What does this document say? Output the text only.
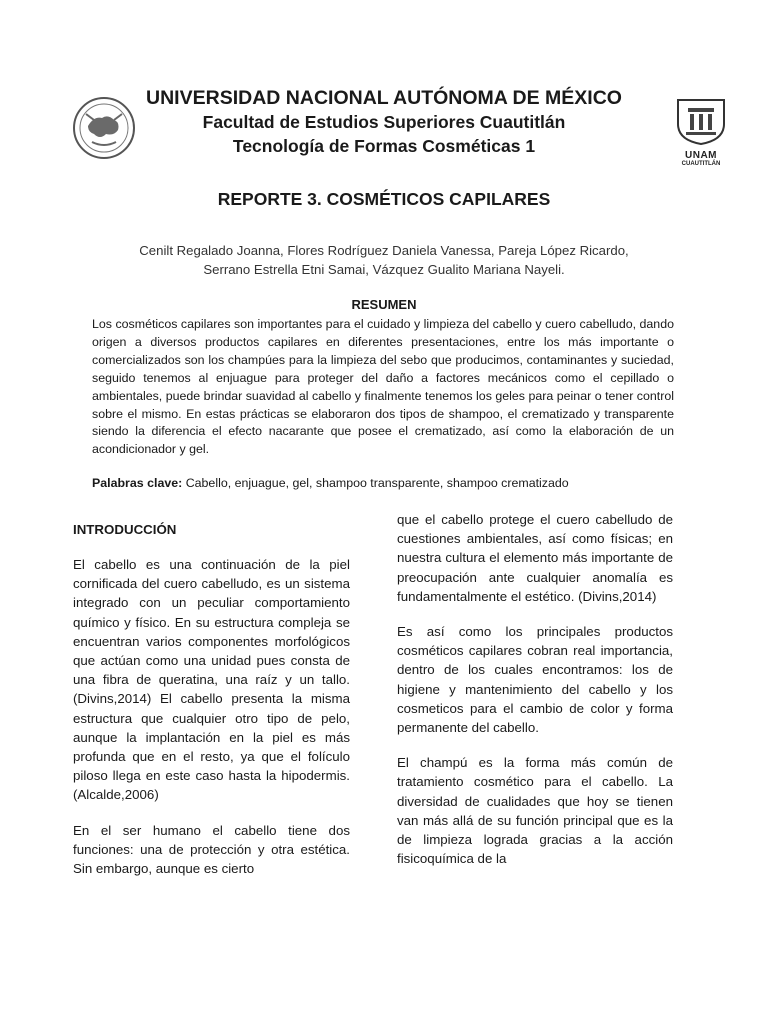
UNAM
CUAUTITLÁN

UNIVERSIDAD NACIONAL AUTÓNOMA DE MÉXICO

Facultad de Estudios Superiores Cuautitlán

Tecnología de Formas Cosméticas 1

REPORTE 3. COSMÉTICOS CAPILARES

Cenilt Regalado Joanna, Flores Rodríguez Daniela Vanessa, Pareja López Ricardo,
Serrano Estrella Etni Samai, Vázquez Gualito Mariana Nayeli.

RESUMEN

Los cosméticos capilares son importantes para el cuidado y limpieza del cabello y cuero cabelludo, dando origen a diversos productos capilares en diferentes presentaciones, entre los más importante o comercializados son los champúes para la limpieza del sebo que producimos, contaminantes y suciedad, seguido tenemos al enjuague para proteger del daño a factores mecánicos como el cepillado o ambientales, puede brindar suavidad al cabello y finalmente tenemos los geles para peinar o tener control sobre el mismo. En estas prácticas se elaboraron dos tipos de shampoo, el crematizado y transparente siendo la diferencia el efecto nacarante que posee el crematizado, así como la elaboración de un acondicionador y gel.

Palabras clave: Cabello, enjuague, gel, shampoo transparente, shampoo crematizado

INTRODUCCIÓN

El cabello es una continuación de la piel cornificada del cuero cabelludo, es un sistema integrado con un peculiar comportamiento químico y físico. En su estructura compleja se encuentran varios componentes morfológicos que actúan como una unidad pues consta de una fibra de queratina, una raíz y un tallo. (Divins,2014) El cabello presenta la misma estructura que cualquier otro tipo de pelo, aunque la implantación en la piel es más profunda que en el resto, ya que el folículo piloso llega en este caso hasta la hipodermis. (Alcalde,2006)

En el ser humano el cabello tiene dos funciones: una de protección y otra estética. Sin embargo, aunque es cierto

que el cabello protege el cuero cabelludo de cuestiones ambientales, así como físicas; en nuestra cultura el elemento más importante de preocupación ante cualquier anomalía es fundamentalmente el estético. (Divins,2014)

Es así como los principales productos cosméticos capilares cobran real importancia, dentro de los cuales encontramos: los de higiene y mantenimiento del cabello y los cosmeticos para el cambio de color y forma permanente del cabello.

El champú es la forma más común de tratamiento cosmético para el cabello. La diversidad de cualidades que hoy se tienen van más allá de su función principal que es la de limpieza lograda gracias a la acción fisicoquímica de la
